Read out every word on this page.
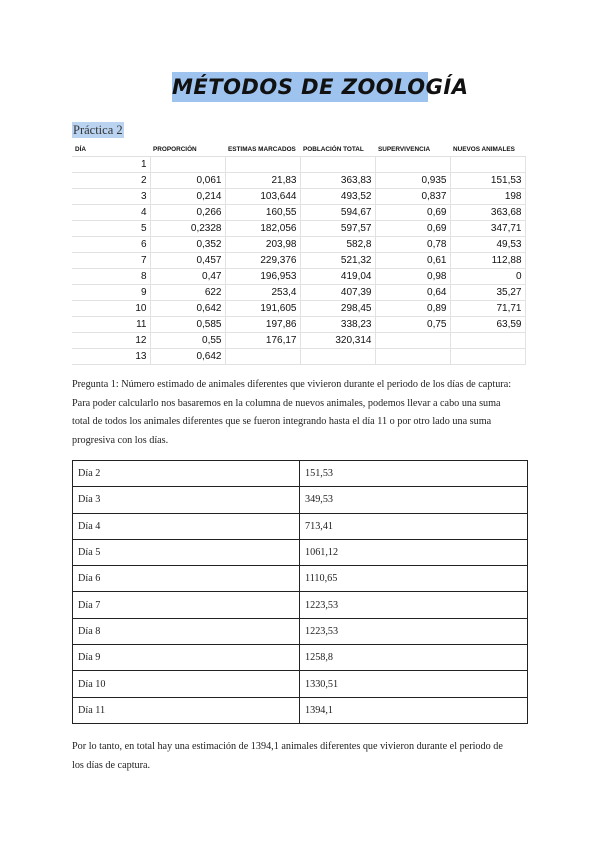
MÉTODOS DE ZOOLOGÍA
Práctica 2
DÍA	PROPORCIÓN	ESTIMAS MARCADOS	POBLACIÓN TOTAL	SUPERVIVENCIA	NUEVOS ANIMALES
1					
2	0,061	21,83	363,83	0,935	151,53
3	0,214	103,644	493,52	0,837	198
4	0,266	160,55	594,67	0,69	363,68
5	0,2328	182,056	597,57	0,69	347,71
6	0,352	203,98	582,8	0,78	49,53
7	0,457	229,376	521,32	0,61	112,88
8	0,47	196,953	419,04	0,98	0
9	622	253,4	407,39	0,64	35,27
10	0,642	191,605	298,45	0,89	71,71
11	0,585	197,86	338,23	0,75	63,59
12	0,55	176,17	320,314		
13	0,642				

Pregunta 1: Número estimado de animales diferentes que vivieron durante el periodo de los días de captura:

Para poder calcularlo nos basaremos en la columna de nuevos animales, podemos llevar a cabo una suma

total de todos los animales diferentes que se fueron integrando hasta el día 11 o por otro lado una suma

progresiva con los días.

Día 2	151,53
Día 3	349,53
Día 4	713,41
Día 5	1061,12
Día 6	1110,65
Día 7	1223,53
Día 8	1223,53
Día 9	1258,8
Día 10	1330,51
Día 11	1394,1

Por lo tanto, en total hay una estimación de 1394,1 animales diferentes que vivieron durante el periodo de

los días de captura.
